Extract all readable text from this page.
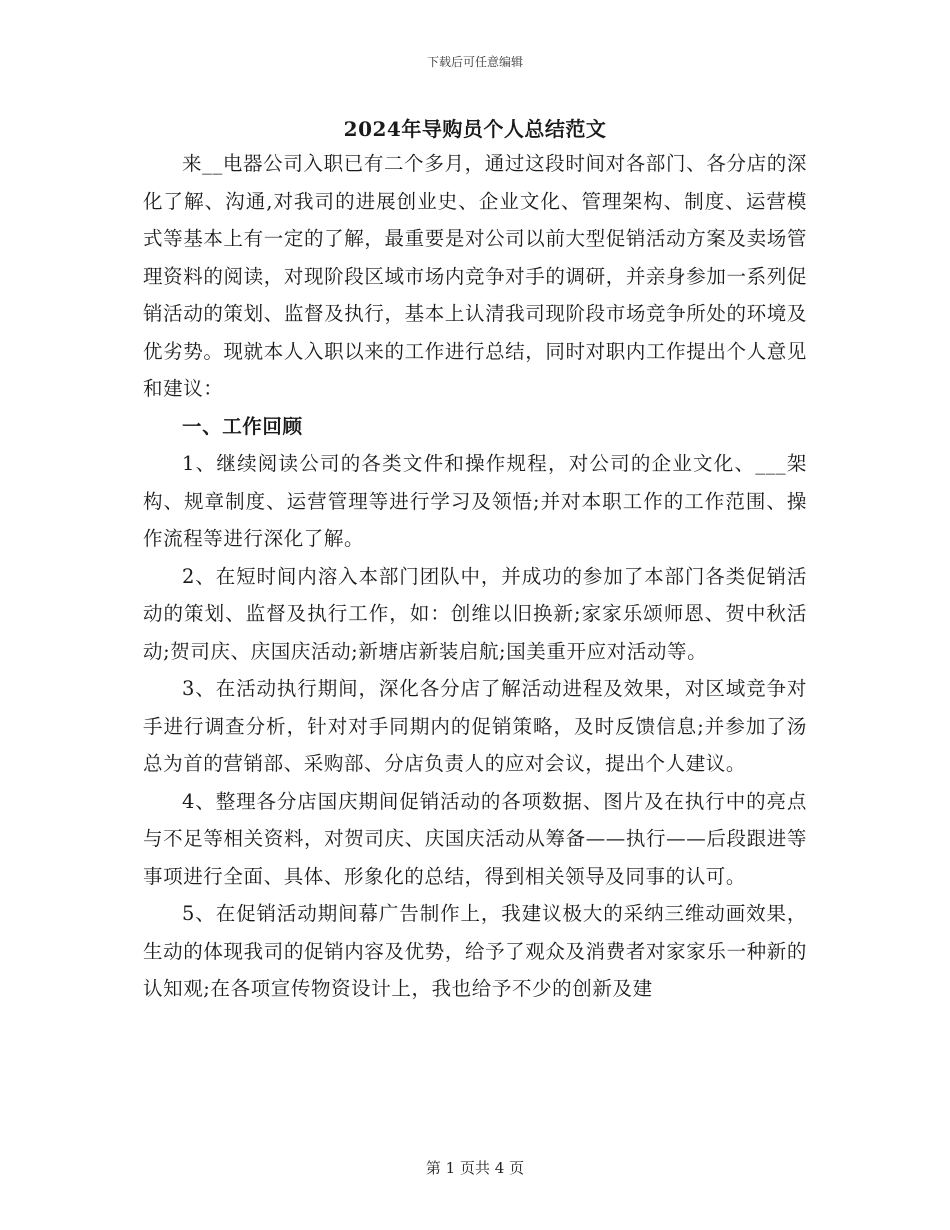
下载后可任意编辑
2024年导购员个人总结范文

来__电器公司入职已有二个多月，通过这段时间对各部门、各分店的深化了解、沟通,对我司的进展创业史、企业文化、管理架构、制度、运营模式等基本上有一定的了解，最重要是对公司以前大型促销活动方案及卖场管理资料的阅读，对现阶段区域市场内竞争对手的调研，并亲身参加一系列促销活动的策划、监督及执行，基本上认清我司现阶段市场竞争所处的环境及优劣势。现就本人入职以来的工作进行总结，同时对职内工作提出个人意见和建议：

一、工作回顾

1、继续阅读公司的各类文件和操作规程，对公司的企业文化、___架构、规章制度、运营管理等进行学习及领悟;并对本职工作的工作范围、操作流程等进行深化了解。

2、在短时间内溶入本部门团队中，并成功的参加了本部门各类促销活动的策划、监督及执行工作，如：创维以旧换新;家家乐颂师恩、贺中秋活动;贺司庆、庆国庆活动;新塘店新装启航;国美重开应对活动等。

3、在活动执行期间，深化各分店了解活动进程及效果，对区域竞争对手进行调查分析，针对对手同期内的促销策略，及时反馈信息;并参加了汤总为首的营销部、采购部、分店负责人的应对会议，提出个人建议。

4、整理各分店国庆期间促销活动的各项数据、图片及在执行中的亮点与不足等相关资料，对贺司庆、庆国庆活动从筹备——执行——后段跟进等事项进行全面、具体、形象化的总结，得到相关领导及同事的认可。

5、在促销活动期间幕广告制作上，我建议极大的采纳三维动画效果，生动的体现我司的促销内容及优势，给予了观众及消费者对家家乐一种新的认知观;在各项宣传物资设计上，我也给予不少的创新及建

第 1 页共 4 页
